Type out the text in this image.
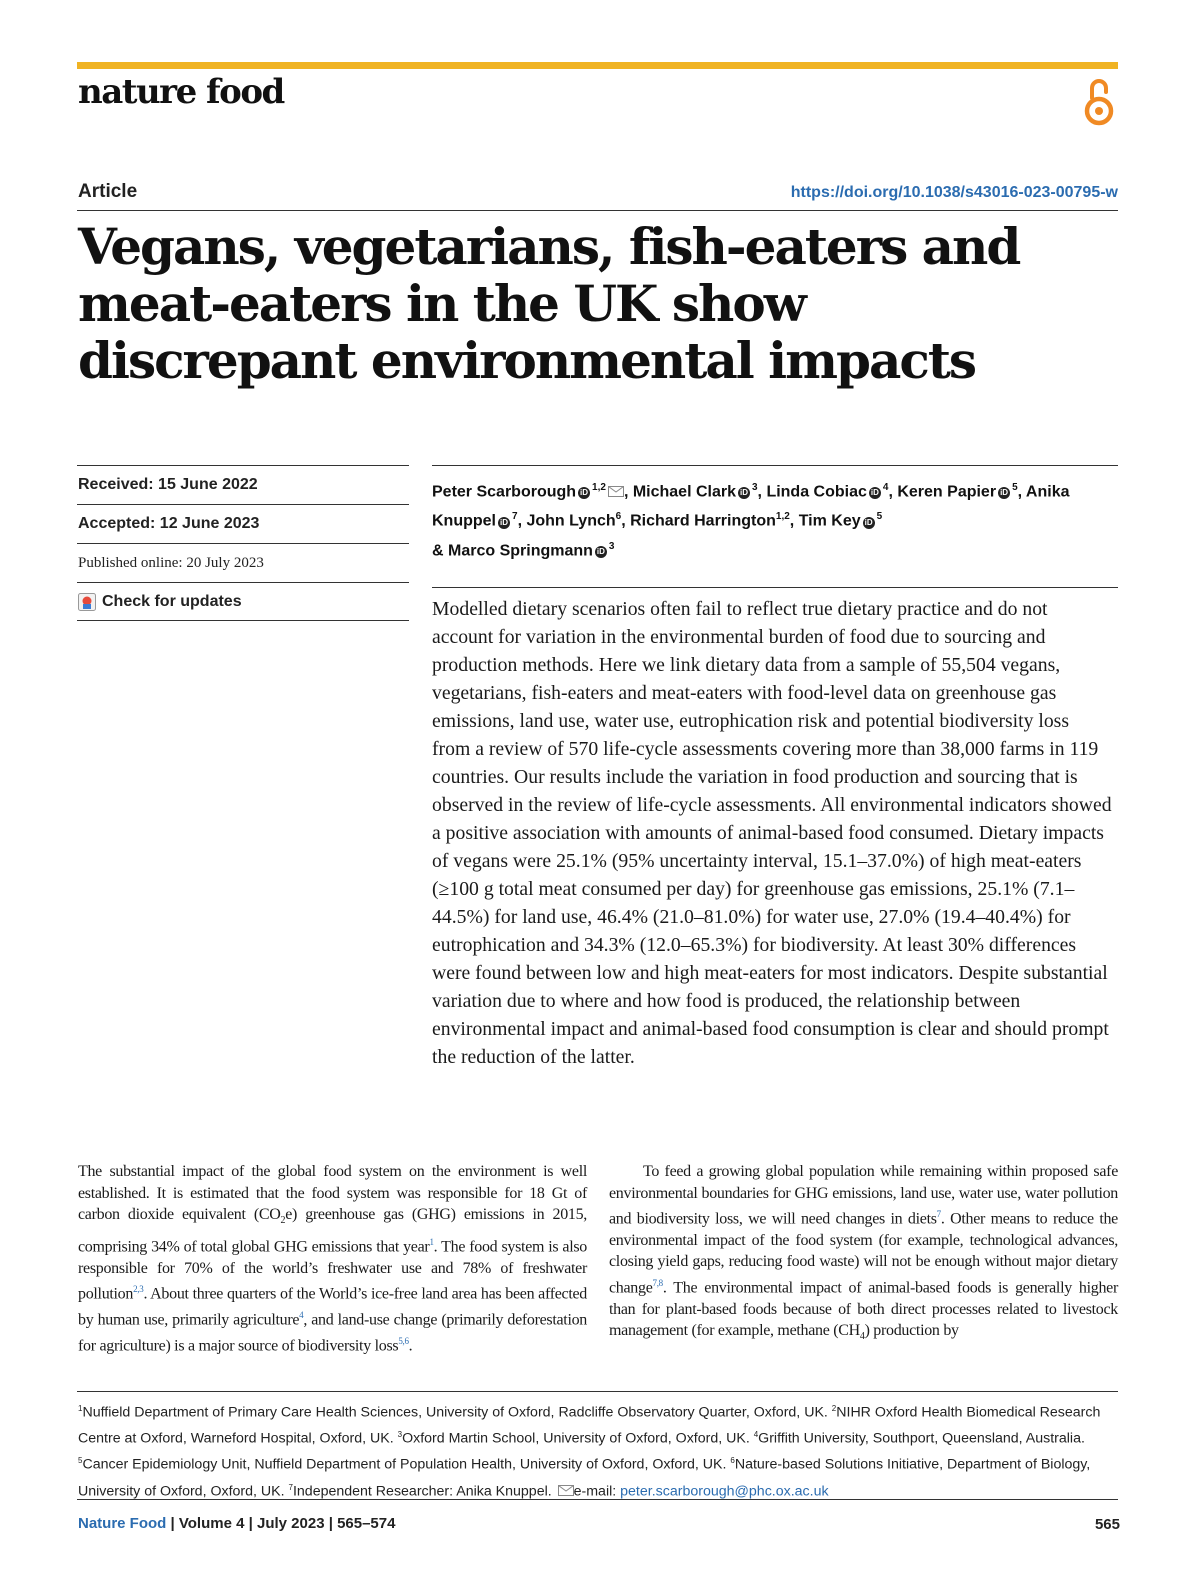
nature food
Article	https://doi.org/10.1038/s43016-023-00795-w
Vegans, vegetarians, fish-eaters and meat-eaters in the UK show discrepant environmental impacts
Received: 15 June 2022
Accepted: 12 June 2023
Published online: 20 July 2023
Check for updates
Peter Scarborough iD $^{1,2}$ , Michael Clark iD $^3$, Linda Cobiac iD $^4$, Keren Papier iD $^5$, Anika Knuppel iD $^7$, John Lynch$^6$, Richard Harrington$^{1,2}$, Tim Key iD $^5$
& Marco Springmann iD $^3$

Modelled dietary scenarios often fail to reflect true dietary practice and do not account for variation in the environmental burden of food due to sourcing and production methods. Here we link dietary data from a sample of 55,504 vegans, vegetarians, fish-eaters and meat-eaters with food-level data on greenhouse gas emissions, land use, water use, eutrophication risk and potential biodiversity loss from a review of 570 life-cycle assessments covering more than 38,000 farms in 119 countries. Our results include the variation in food production and sourcing that is observed in the review of life-cycle assessments. All environmental indicators showed a positive association with amounts of animal-based food consumed. Dietary impacts of vegans were 25.1% (95% uncertainty interval, 15.1–37.0%) of high meat-eaters (≥100 g total meat consumed per day) for greenhouse gas emissions, 25.1% (7.1–44.5%) for land use, 46.4% (21.0–81.0%) for water use, 27.0% (19.4–40.4%) for eutrophication and 34.3% (12.0–65.3%) for biodiversity. At least 30% differences were found between low and high meat-eaters for most indicators. Despite substantial variation due to where and how food is produced, the relationship between environmental impact and animal-based food consumption is clear and should prompt the reduction of the latter.

The substantial impact of the global food system on the environment is well established. It is estimated that the food system was responsible for 18 Gt of carbon dioxide equivalent $(CO_2e)$ greenhouse gas (GHG) emissions in 2015, comprising 34% of total global GHG emissions that year$^1$. The food system is also responsible for 70% of the world’s freshwater use and 78% of freshwater pollution$^{2,3}$. About three quarters of the World’s ice-free land area has been affected by human use, primarily agriculture$^4$, and land-use change (primarily deforestation for agriculture) is a major source of biodiversity loss$^{5,6}$.

To feed a growing global population while remaining within proposed safe environmental boundaries for GHG emissions, land use, water use, water pollution and biodiversity loss, we will need changes in diets$^7$. Other means to reduce the environmental impact of the food system (for example, technological advances, closing yield gaps, reducing food waste) will not be enough without major dietary change$^{7,8}$. The environmental impact of animal-based foods is generally higher than for plant-based foods because of both direct processes related to livestock management (for example, methane $(CH_4)$ production by

$^1$Nuffield Department of Primary Care Health Sciences, University of Oxford, Radcliffe Observatory Quarter, Oxford, UK. $^2$NIHR Oxford Health Biomedical Research Centre at Oxford, Warneford Hospital, Oxford, UK. $^3$Oxford Martin School, University of Oxford, Oxford, UK. $^4$Griffith University, Southport, Queensland, Australia. $^5$Cancer Epidemiology Unit, Nuffield Department of Population Health, University of Oxford, Oxford, UK. $^6$Nature-based Solutions Initiative, Department of Biology, University of Oxford, Oxford, UK. $^7$Independent Researcher: Anika Knuppel. e-mail: peter.scarborough@phc.ox.ac.uk

Nature Food | Volume 4 | July 2023 | 565–574	565
